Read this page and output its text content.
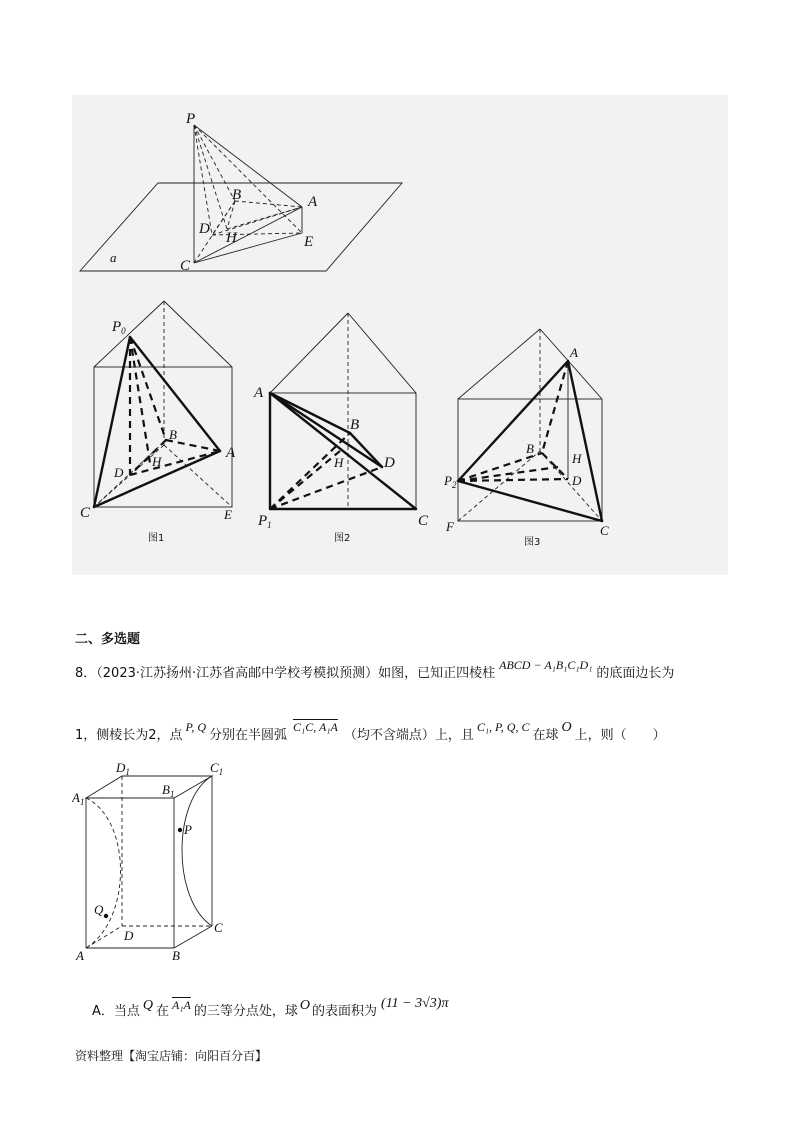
a
P
B	A
D
H	E
C
$P_0$
B
H
D
A
C	E
图1
A
B
H	D
$P_1$	C
图2
A
B
H
D
$P_2$
F	C
图3
二、多选题
8．（2023·江苏扬州·江苏省高邮中学校考模拟预测）如图，已知正四棱柱ABCD − A₁B₁C₁D₁的底面边长为
1，侧棱长为2，点P, Q分别在半圆弧C₁C, A₁A（均不含端点）上，且C₁, P, Q, C在球O上，则（　　）
$D_1$	$C_1$
$A_1$
$B_1$
P
Q
D
C
A	B
A．当点 Q 在 A₁A 的三等分点处，球 O 的表面积为(11 − 3√3)π
资料整理【淘宝店铺：向阳百分百】
